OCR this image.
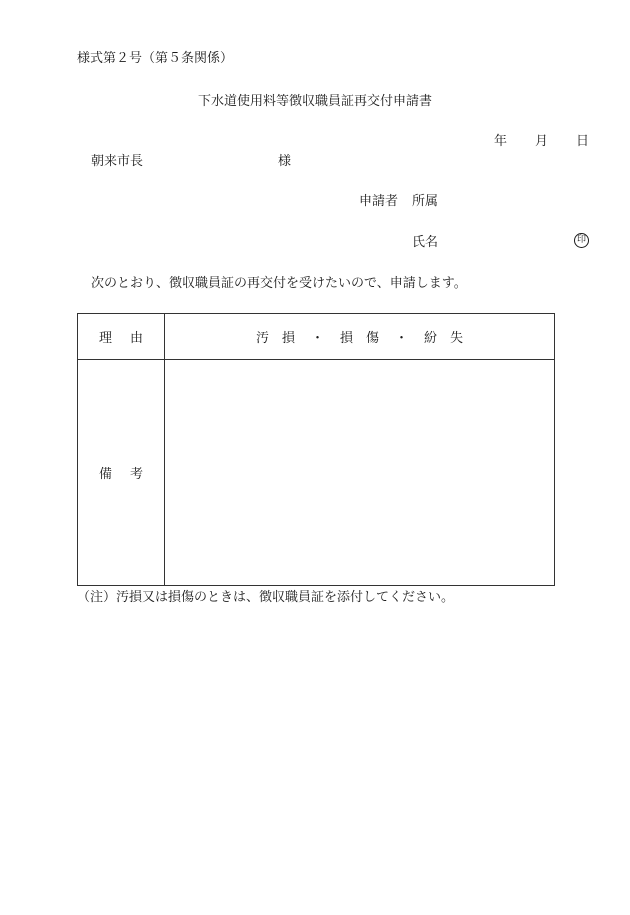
様式第２号（第５条関係）
下水道使用料等徴収職員証再交付申請書
年 月 日
朝来市長	様
申請者 所属
氏名	印
次のとおり、徴収職員証の再交付を受けたいので、申請します。
理由	汚　損 ・ 損　傷 ・ 紛　失
備考
（注）汚損又は損傷のときは、徴収職員証を添付してください。
